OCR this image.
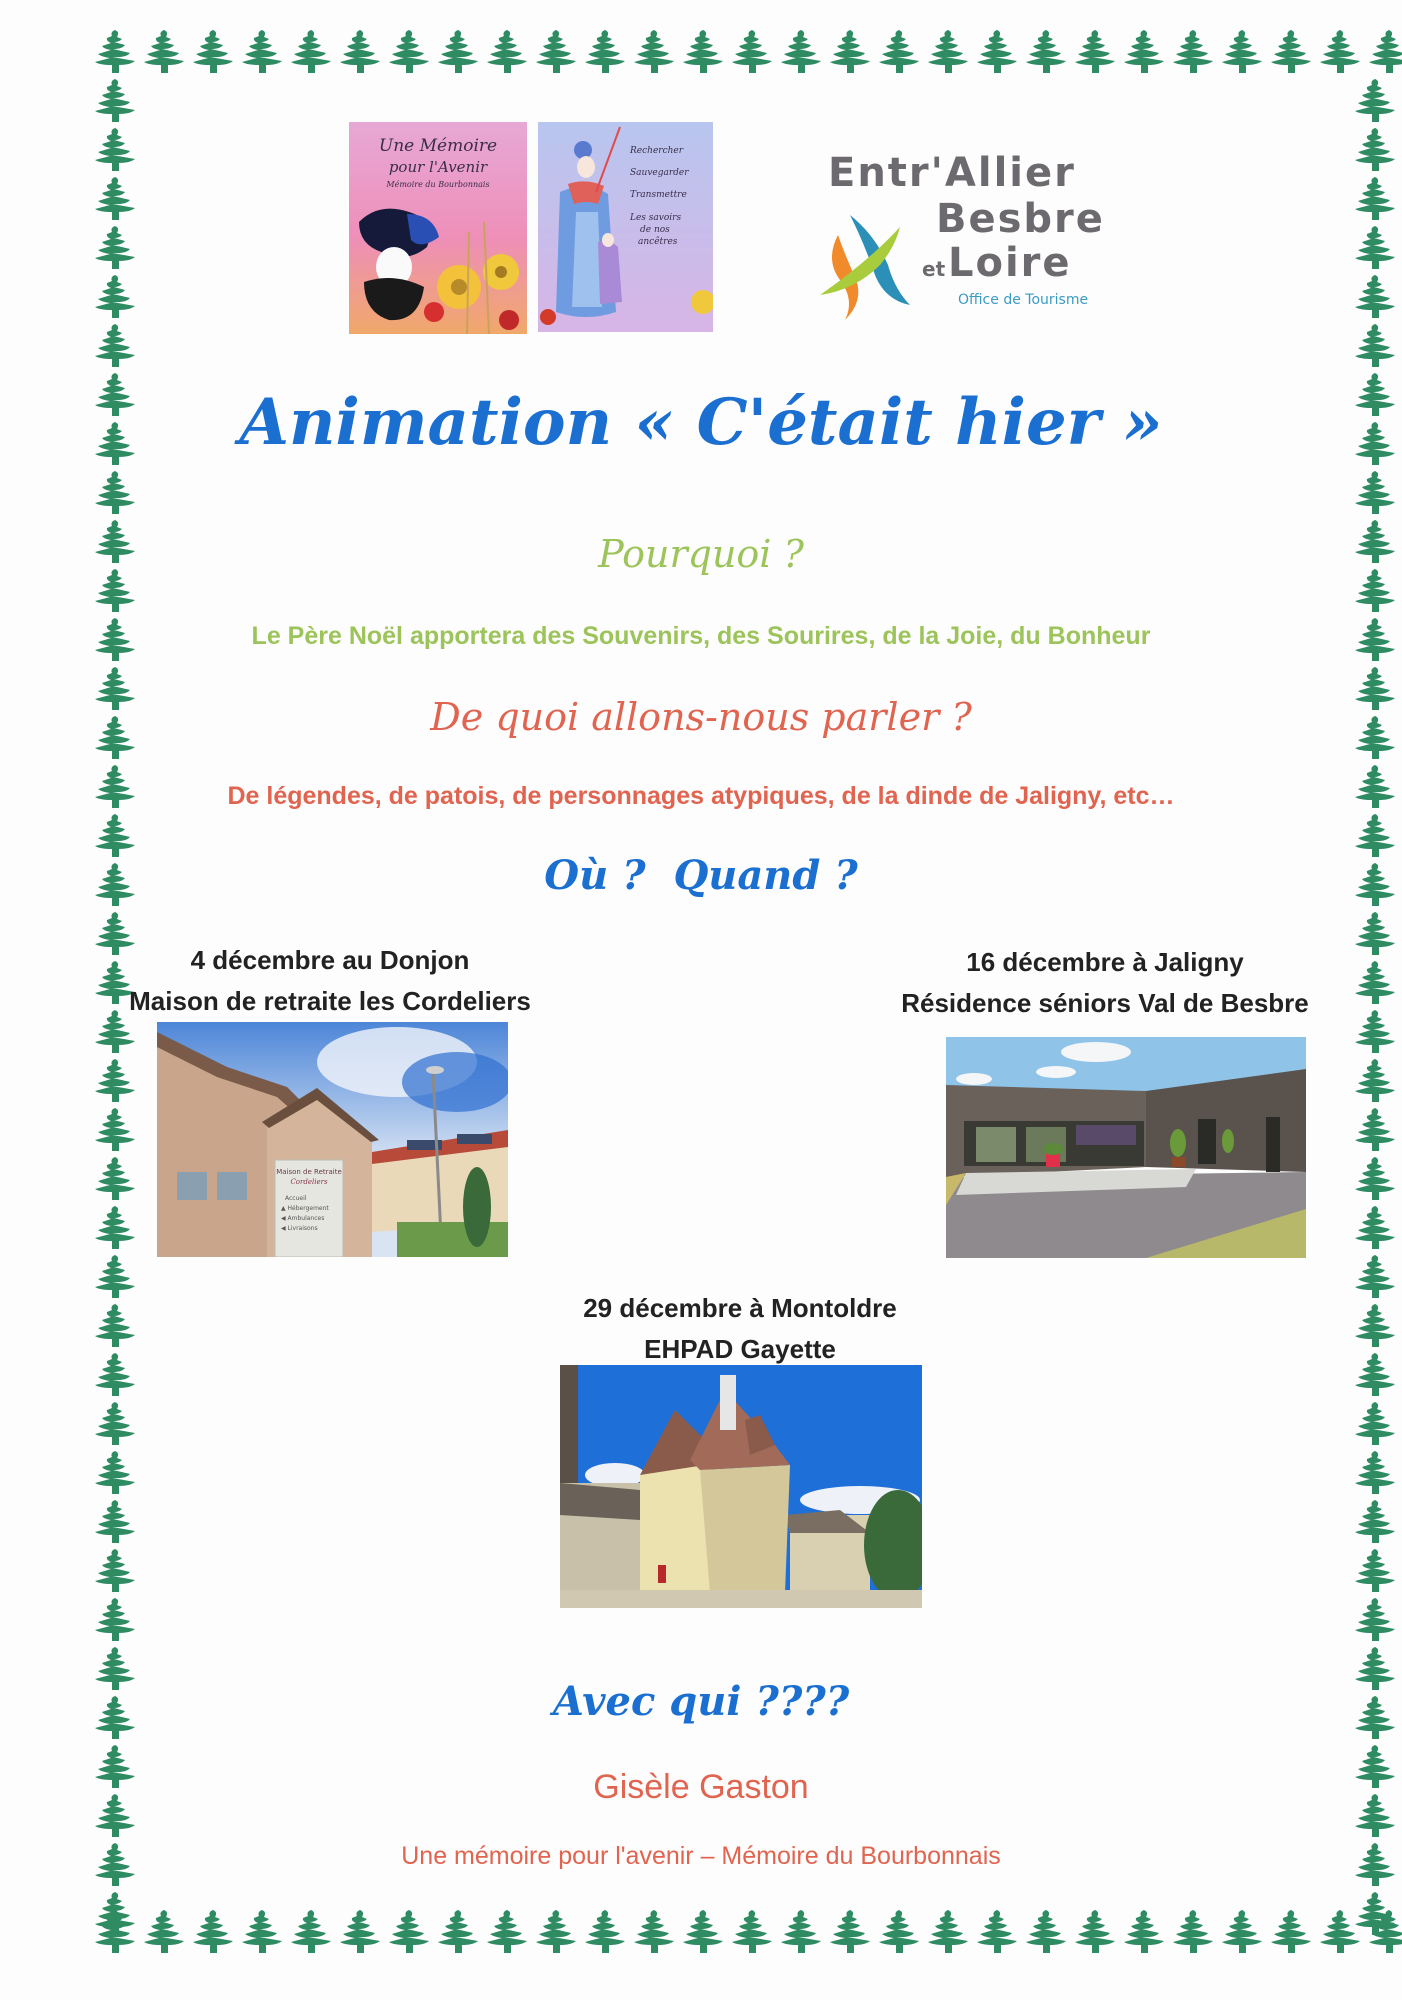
Une Mémoire
pour l'Avenir
Mémoire du Bourbonnais
Rechercher
Sauvegarder
Transmettre
Les savoirs
de nos
ancêtres
Entr'Allier
Besbre
et Loire
Office de Tourisme
Animation « C'était hier »
Pourquoi ?
Le Père Noël apportera des Souvenirs, des Sourires, de la Joie, du Bonheur
De quoi allons-nous parler ?
De légendes, de patois, de personnages atypiques, de la dinde de Jaligny, etc…
Où ?  Quand ?
4 décembre au Donjon
Maison de retraite les Cordeliers
Maison de Retraite
Cordeliers
Accueil
▲ Hébergement
◀ Ambulances
◀ Livraisons
16 décembre à Jaligny
Résidence séniors Val de Besbre
29 décembre à Montoldre
EHPAD Gayette
Avec qui ????
Gisèle Gaston
Une mémoire pour l'avenir – Mémoire du Bourbonnais
